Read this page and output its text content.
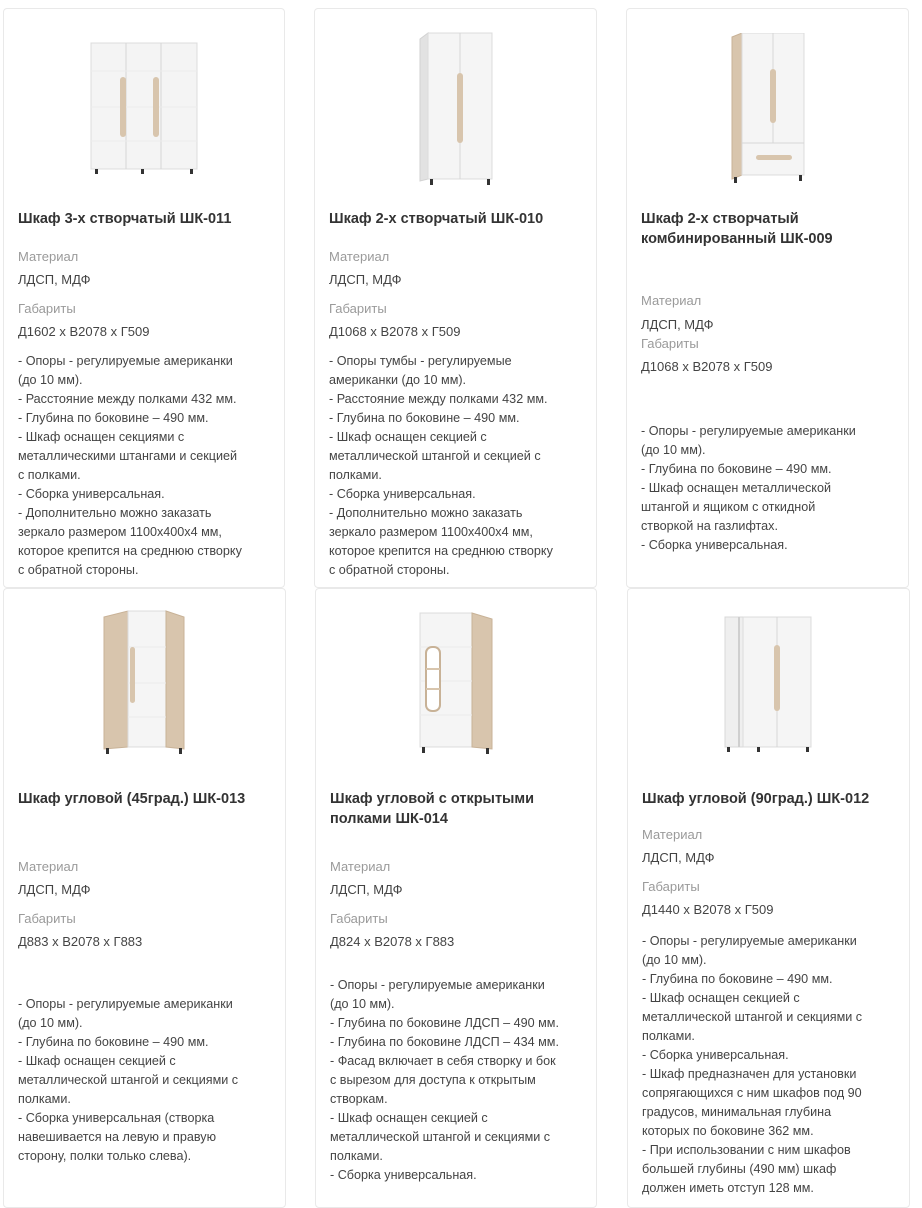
Шкаф 3-х створчатый ШК-011
Материал
ЛДСП, МДФ
Габариты
Д1602 x В2078 x Г509
- Опоры - регулируемые американки
(до 10 мм).
- Расстояние между полками 432 мм.
- Глубина по боковине – 490 мм.
- Шкаф оснащен секциями с
металлическими штангами и секцией
с полками.
- Сборка универсальная.
- Дополнительно можно заказать
зеркало размером 1100x400x4 мм,
которое крепится на среднюю створку
с обратной стороны.
Шкаф 2-х створчатый ШК-010
Материал
ЛДСП, МДФ
Габариты
Д1068 x В2078 x Г509
- Опоры тумбы - регулируемые
американки (до 10 мм).
- Расстояние между полками 432 мм.
- Глубина по боковине – 490 мм.
- Шкаф оснащен секцией с
металлической штангой и секцией с
полками.
- Сборка универсальная.
- Дополнительно можно заказать
зеркало размером 1100x400x4 мм,
которое крепится на среднюю створку
с обратной стороны.
Шкаф 2-х створчатый
комбинированный ШК-009
Материал
ЛДСП, МДФ
Габариты
Д1068 x В2078 x Г509
- Опоры - регулируемые американки
(до 10 мм).
- Глубина по боковине – 490 мм.
- Шкаф оснащен металлической
штангой и ящиком с откидной
створкой на газлифтах.
- Сборка универсальная.
Шкаф угловой (45град.) ШК-013
Материал
ЛДСП, МДФ
Габариты
Д883 x В2078 x Г883
- Опоры - регулируемые американки
(до 10 мм).
- Глубина по боковине – 490 мм.
- Шкаф оснащен секцией с
металлической штангой и секциями с
полками.
- Сборка универсальная (створка
навешивается на левую и правую
сторону, полки только слева).
Шкаф угловой с открытыми
полками ШК-014
Материал
ЛДСП, МДФ
Габариты
Д824 x В2078 x Г883
- Опоры - регулируемые американки
(до 10 мм).
- Глубина по боковине ЛДСП – 490 мм.
- Глубина по боковине ЛДСП – 434 мм.
- Фасад включает в себя створку и бок
с вырезом для доступа к открытым
створкам.
- Шкаф оснащен секцией с
металлической штангой и секциями с
полками.
- Сборка универсальная.
Шкаф угловой (90град.) ШК-012
Материал
ЛДСП, МДФ
Габариты
Д1440 x В2078 x Г509
- Опоры - регулируемые американки
(до 10 мм).
- Глубина по боковине – 490 мм.
- Шкаф оснащен секцией с
металлической штангой и секциями с
полками.
- Сборка универсальная.
- Шкаф предназначен для установки
сопрягающихся с ним шкафов под 90
градусов, минимальная глубина
которых по боковине 362 мм.
- При использовании с ним шкафов
большей глубины (490 мм) шкаф
должен иметь отступ 128 мм.
